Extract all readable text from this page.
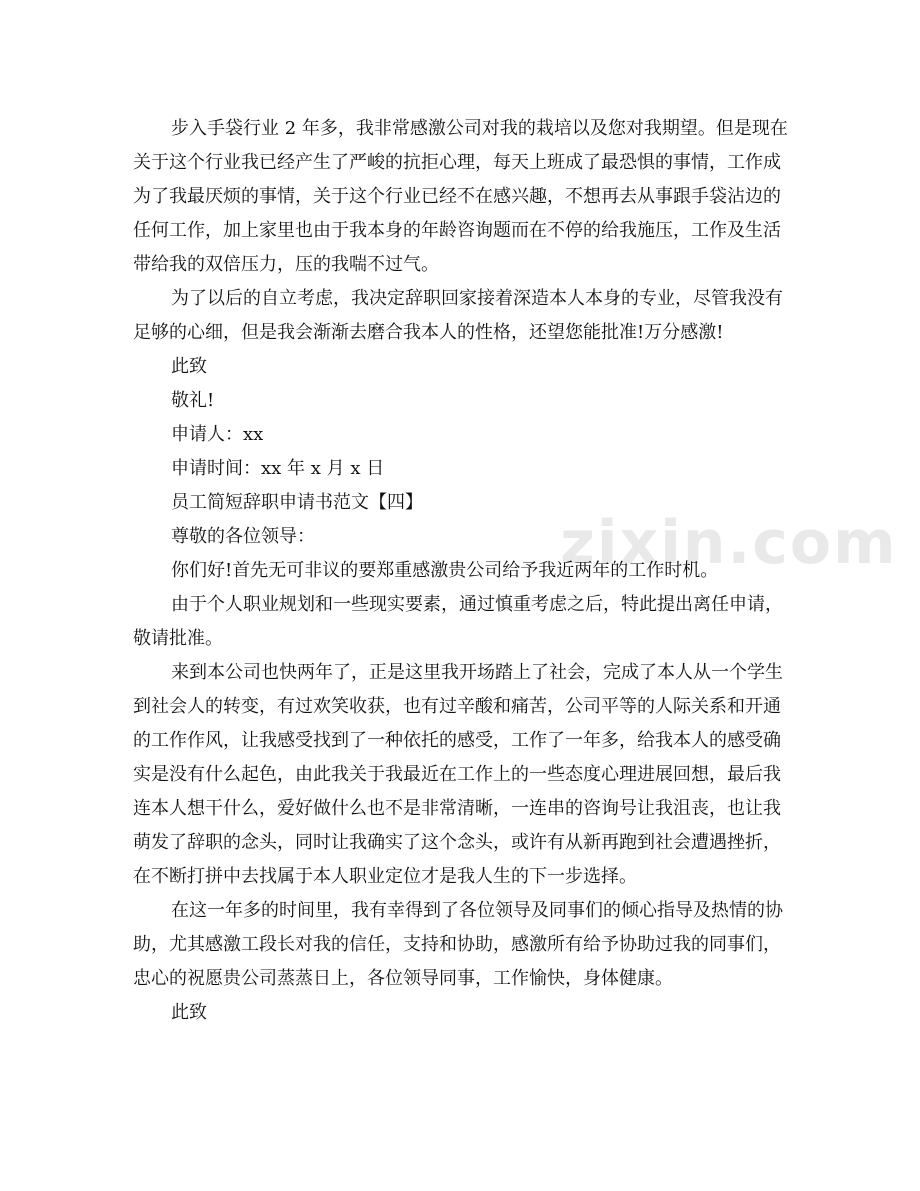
zixin.com
步入手袋行业 2 年多，我非常感激公司对我的栽培以及您对我期望。但是现在
关于这个行业我已经产生了严峻的抗拒心理，每天上班成了最恐惧的事情，工作成
为了我最厌烦的事情，关于这个行业已经不在感兴趣，不想再去从事跟手袋沾边的
任何工作，加上家里也由于我本身的年龄咨询题而在不停的给我施压，工作及生活
带给我的双倍压力，压的我喘不过气。
为了以后的自立考虑，我决定辞职回家接着深造本人本身的专业，尽管我没有
足够的心细，但是我会渐渐去磨合我本人的性格，还望您能批准!万分感激!
此致
敬礼!
申请人：xx
申请时间：xx 年 x 月 x 日
员工简短辞职申请书范文【四】
尊敬的各位领导：
你们好!首先无可非议的要郑重感激贵公司给予我近两年的工作时机。
由于个人职业规划和一些现实要素，通过慎重考虑之后，特此提出离任申请，
敬请批准。
来到本公司也快两年了，正是这里我开场踏上了社会，完成了本人从一个学生
到社会人的转变，有过欢笑收获，也有过辛酸和痛苦，公司平等的人际关系和开通
的工作作风，让我感受找到了一种依托的感受，工作了一年多，给我本人的感受确
实是没有什么起色，由此我关于我最近在工作上的一些态度心理进展回想，最后我
连本人想干什么，爱好做什么也不是非常清晰，一连串的咨询号让我沮丧，也让我
萌发了辞职的念头，同时让我确实了这个念头，或许有从新再跑到社会遭遇挫折，
在不断打拼中去找属于本人职业定位才是我人生的下一步选择。
在这一年多的时间里，我有幸得到了各位领导及同事们的倾心指导及热情的协
助，尤其感激工段长对我的信任，支持和协助，感激所有给予协助过我的同事们，
忠心的祝愿贵公司蒸蒸日上，各位领导同事，工作愉快，身体健康。
此致
